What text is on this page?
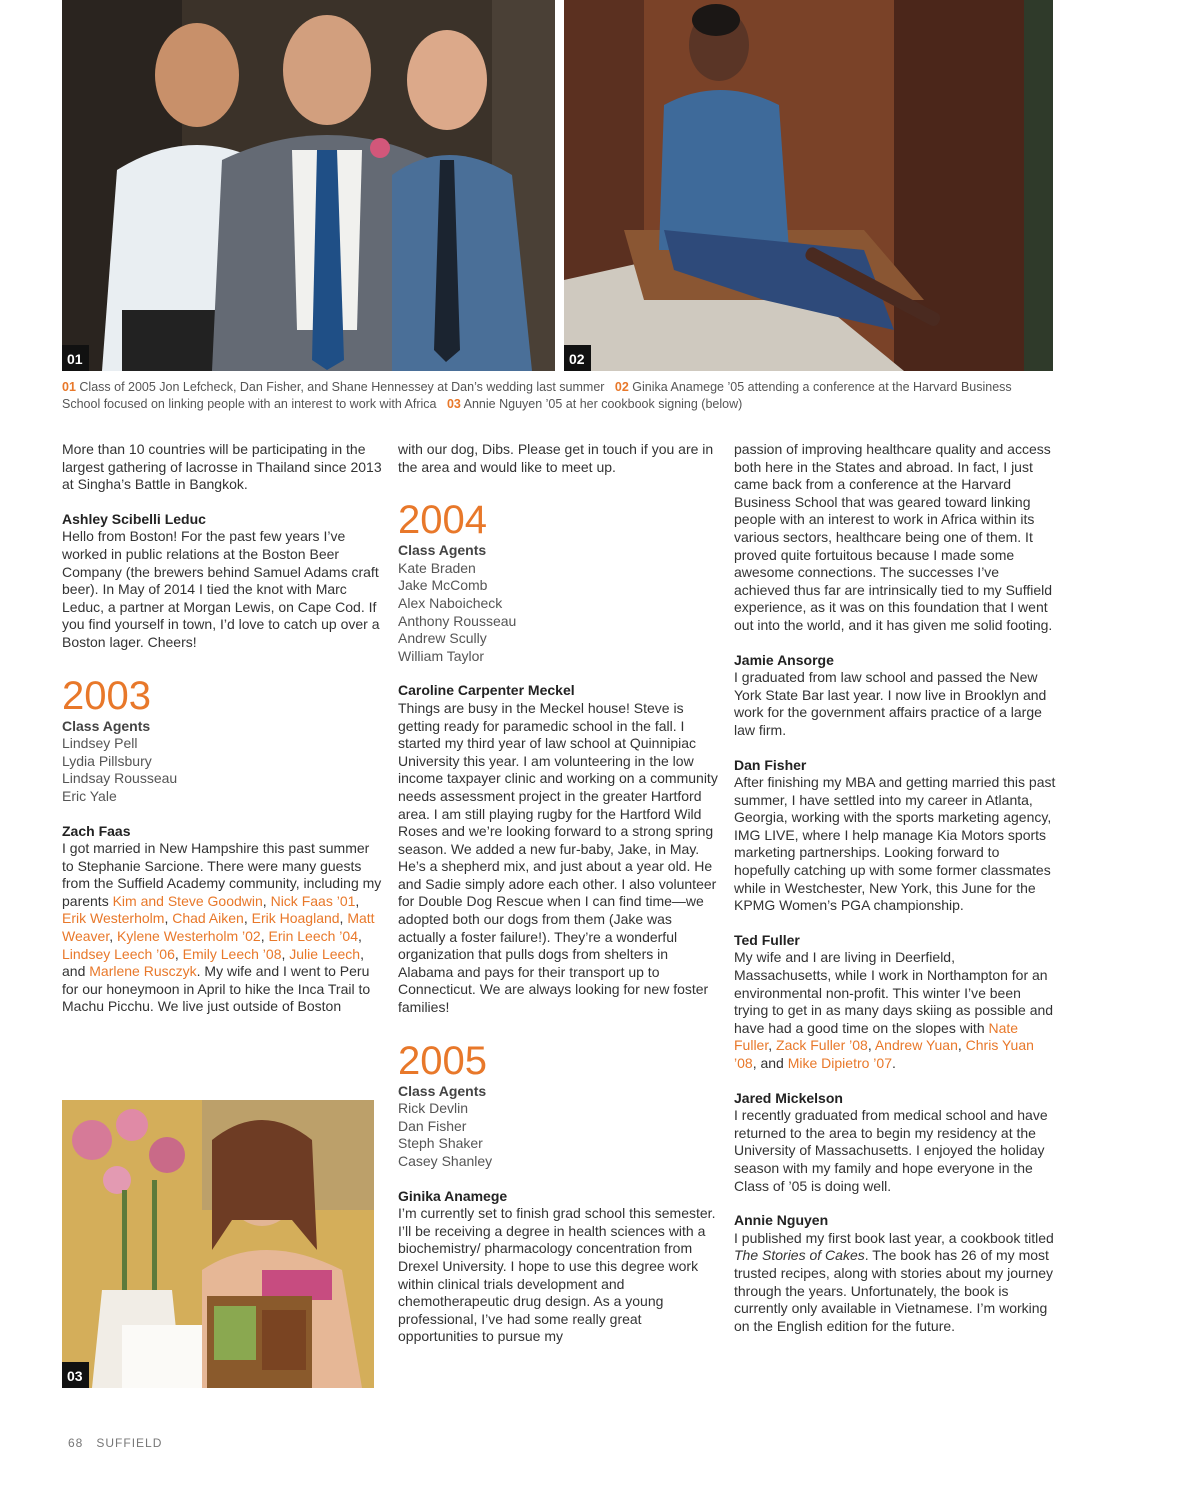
01	02
01 Class of 2005 Jon Lefcheck, Dan Fisher, and Shane Hennessey at Dan’s wedding last summer 02 Ginika Anamege ’05 attending a conference at the Harvard Business School focused on linking people with an interest to work with Africa 03 Annie Nguyen ’05 at her cookbook signing (below)

More than 10 countries will be participating in the largest gathering of lacrosse in Thailand since 2013 at Singha’s Battle in Bangkok.

Ashley Scibelli Leduc

Hello from Boston! For the past few years I’ve worked in public relations at the Boston Beer Company (the brewers behind Samuel Adams craft beer). In May of 2014 I tied the knot with Marc Leduc, a partner at Morgan Lewis, on Cape Cod. If you find yourself in town, I’d love to catch up over a Boston lager. Cheers!

2003

Class Agents

Lindsey Pell

Lydia Pillsbury

Lindsay Rousseau

Eric Yale

Zach Faas

I got married in New Hampshire this past summer to Stephanie Sarcione. There were many guests from the Suffield Academy community, including my parents Kim and Steve Goodwin, Nick Faas ’01, Erik Westerholm, Chad Aiken, Erik Hoagland, Matt Weaver, Kylene Westerholm ’02, Erin Leech ’04, Lindsey Leech ’06, Emily Leech ’08, Julie Leech, and Marlene Rusczyk. My wife and I went to Peru for our honeymoon in April to hike the Inca Trail to Machu Picchu. We live just outside of Boston

03

with our dog, Dibs. Please get in touch if you are in the area and would like to meet up.

2004

Class Agents

Kate Braden

Jake McComb

Alex Naboicheck

Anthony Rousseau

Andrew Scully

William Taylor

Caroline Carpenter Meckel

Things are busy in the Meckel house! Steve is getting ready for paramedic school in the fall. I started my third year of law school at Quinnipiac University this year. I am volunteering in the low income taxpayer clinic and working on a community needs assessment project in the greater Hartford area. I am still playing rugby for the Hartford Wild Roses and we’re looking forward to a strong spring season. We added a new fur-baby, Jake, in May. He’s a shepherd mix, and just about a year old. He and Sadie simply adore each other. I also volunteer for Double Dog Rescue when I can find time—we adopted both our dogs from them (Jake was actually a foster failure!). They’re a wonderful organization that pulls dogs from shelters in Alabama and pays for their transport up to Connecticut. We are always looking for new foster families!

2005

Class Agents

Rick Devlin

Dan Fisher

Steph Shaker

Casey Shanley

Ginika Anamege

I’m currently set to finish grad school this semester. I’ll be receiving a degree in health sciences with a biochemistry/ pharmacology concentration from Drexel University. I hope to use this degree work within clinical trials development and chemotherapeutic drug design. As a young professional, I’ve had some really great opportunities to pursue my

passion of improving healthcare quality and access both here in the States and abroad. In fact, I just came back from a conference at the Harvard Business School that was geared toward linking people with an interest to work in Africa within its various sectors, healthcare being one of them. It proved quite fortuitous because I made some awesome connections. The successes I’ve achieved thus far are intrinsically tied to my Suffield experience, as it was on this foundation that I went out into the world, and it has given me solid footing.

Jamie Ansorge

I graduated from law school and passed the New York State Bar last year. I now live in Brooklyn and work for the government affairs practice of a large law firm.

Dan Fisher

After finishing my MBA and getting married this past summer, I have settled into my career in Atlanta, Georgia, working with the sports marketing agency, IMG LIVE, where I help manage Kia Motors sports marketing partnerships. Looking forward to hopefully catching up with some former classmates while in Westchester, New York, this June for the KPMG Women’s PGA championship.

Ted Fuller

My wife and I are living in Deerfield, Massachusetts, while I work in Northampton for an environmental non-profit. This winter I’ve been trying to get in as many days skiing as possible and have had a good time on the slopes with Nate Fuller, Zack Fuller ’08, Andrew Yuan, Chris Yuan ’08, and Mike Dipietro ’07.

Jared Mickelson

I recently graduated from medical school and have returned to the area to begin my residency at the University of Massachusetts. I enjoyed the holiday season with my family and hope everyone in the Class of ’05 is doing well.

Annie Nguyen

I published my first book last year, a cookbook titled The Stories of Cakes. The book has 26 of my most trusted recipes, along with stories about my journey through the years. Unfortunately, the book is currently only available in Vietnamese. I’m working on the English edition for the future.

68 SUFFIELD
